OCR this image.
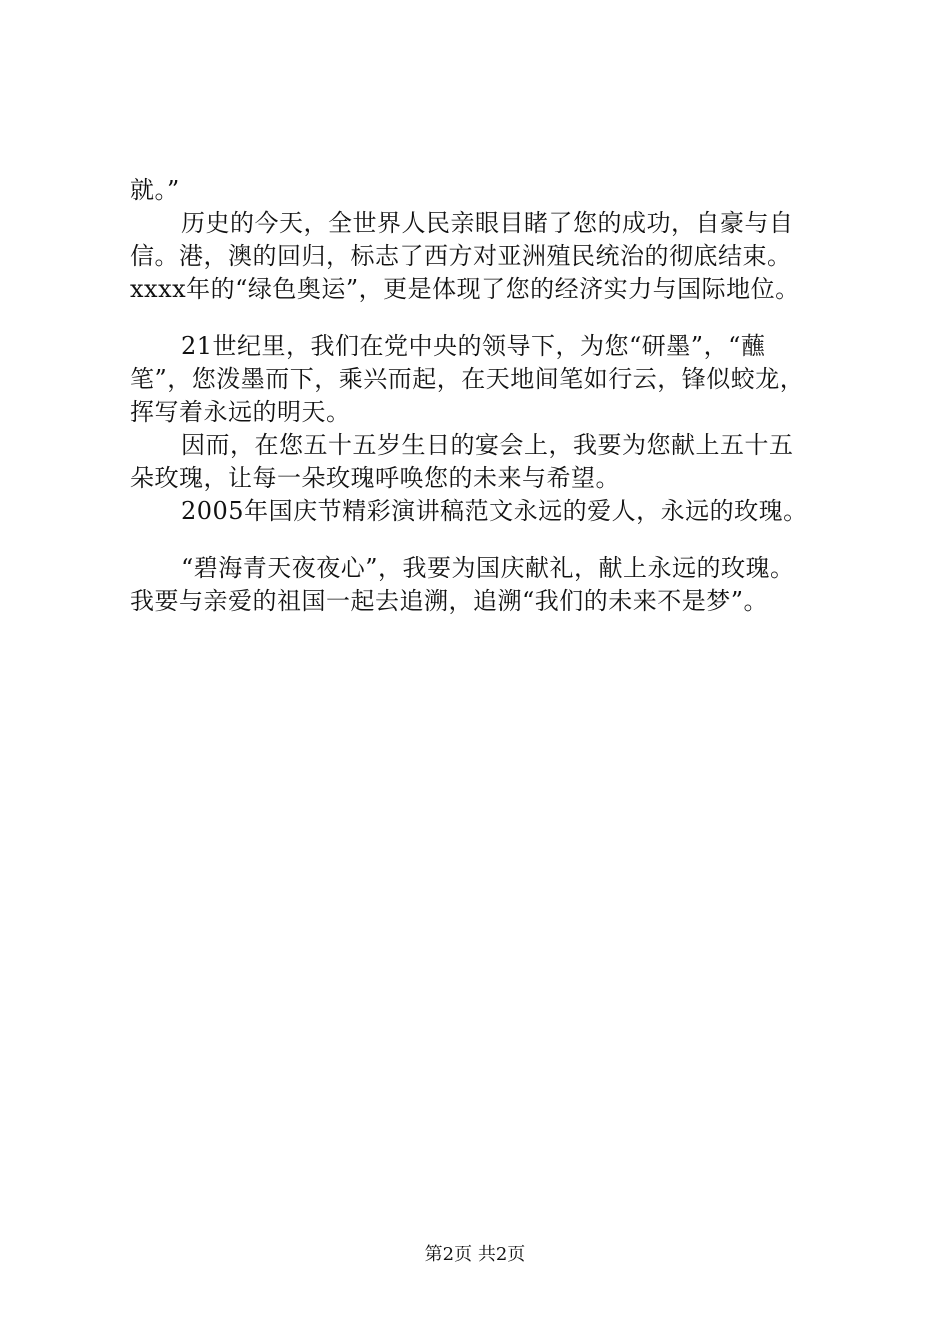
就。”
历史的今天，全世界人民亲眼目睹了您的成功，自豪与自
信。港，澳的回归，标志了西方对亚洲殖民统治的彻底结束。
xxxx年的“绿色奥运”，更是体现了您的经济实力与国际地位。
21世纪里，我们在党中央的领导下，为您“研墨”，“蘸
笔”，您泼墨而下，乘兴而起，在天地间笔如行云，锋似蛟龙，
挥写着永远的明天。
因而，在您五十五岁生日的宴会上，我要为您献上五十五
朵玫瑰，让每一朵玫瑰呼唤您的未来与希望。
2005年国庆节精彩演讲稿范文永远的爱人，永远的玫瑰。
“碧海青天夜夜心”，我要为国庆献礼，献上永远的玫瑰。
我要与亲爱的祖国一起去追溯，追溯“我们的未来不是梦”。
第2页 共2页
